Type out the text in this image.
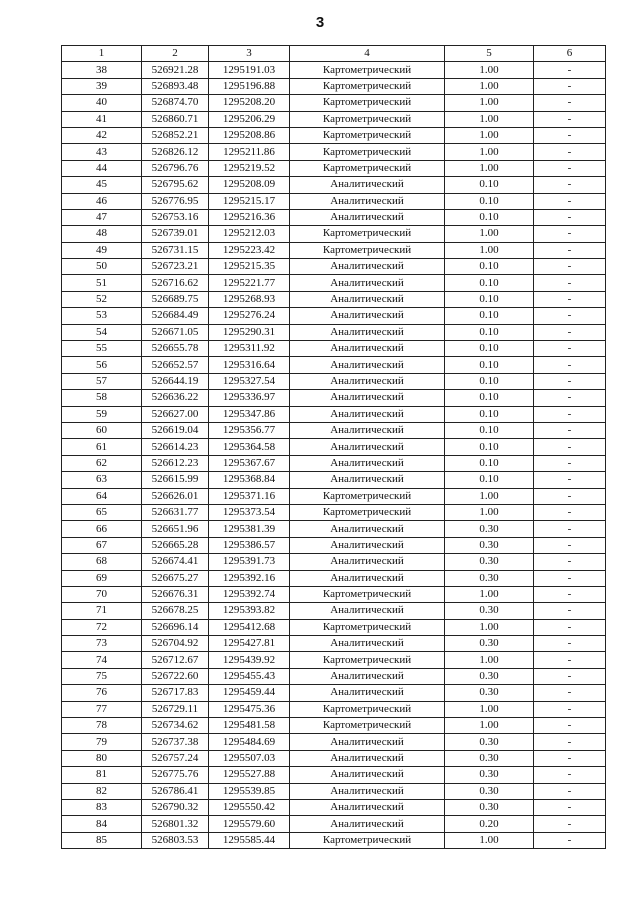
3
1	2	3	4	5	6
38	526921.28	1295191.03	Картометрический	1.00	-
39	526893.48	1295196.88	Картометрический	1.00	-
40	526874.70	1295208.20	Картометрический	1.00	-
41	526860.71	1295206.29	Картометрический	1.00	-
42	526852.21	1295208.86	Картометрический	1.00	-
43	526826.12	1295211.86	Картометрический	1.00	-
44	526796.76	1295219.52	Картометрический	1.00	-
45	526795.62	1295208.09	Аналитический	0.10	-
46	526776.95	1295215.17	Аналитический	0.10	-
47	526753.16	1295216.36	Аналитический	0.10	-
48	526739.01	1295212.03	Картометрический	1.00	-
49	526731.15	1295223.42	Картометрический	1.00	-
50	526723.21	1295215.35	Аналитический	0.10	-
51	526716.62	1295221.77	Аналитический	0.10	-
52	526689.75	1295268.93	Аналитический	0.10	-
53	526684.49	1295276.24	Аналитический	0.10	-
54	526671.05	1295290.31	Аналитический	0.10	-
55	526655.78	1295311.92	Аналитический	0.10	-
56	526652.57	1295316.64	Аналитический	0.10	-
57	526644.19	1295327.54	Аналитический	0.10	-
58	526636.22	1295336.97	Аналитический	0.10	-
59	526627.00	1295347.86	Аналитический	0.10	-
60	526619.04	1295356.77	Аналитический	0.10	-
61	526614.23	1295364.58	Аналитический	0.10	-
62	526612.23	1295367.67	Аналитический	0.10	-
63	526615.99	1295368.84	Аналитический	0.10	-
64	526626.01	1295371.16	Картометрический	1.00	-
65	526631.77	1295373.54	Картометрический	1.00	-
66	526651.96	1295381.39	Аналитический	0.30	-
67	526665.28	1295386.57	Аналитический	0.30	-
68	526674.41	1295391.73	Аналитический	0.30	-
69	526675.27	1295392.16	Аналитический	0.30	-
70	526676.31	1295392.74	Картометрический	1.00	-
71	526678.25	1295393.82	Аналитический	0.30	-
72	526696.14	1295412.68	Картометрический	1.00	-
73	526704.92	1295427.81	Аналитический	0.30	-
74	526712.67	1295439.92	Картометрический	1.00	-
75	526722.60	1295455.43	Аналитический	0.30	-
76	526717.83	1295459.44	Аналитический	0.30	-
77	526729.11	1295475.36	Картометрический	1.00	-
78	526734.62	1295481.58	Картометрический	1.00	-
79	526737.38	1295484.69	Аналитический	0.30	-
80	526757.24	1295507.03	Аналитический	0.30	-
81	526775.76	1295527.88	Аналитический	0.30	-
82	526786.41	1295539.85	Аналитический	0.30	-
83	526790.32	1295550.42	Аналитический	0.30	-
84	526801.32	1295579.60	Аналитический	0.20	-
85	526803.53	1295585.44	Картометрический	1.00	-
